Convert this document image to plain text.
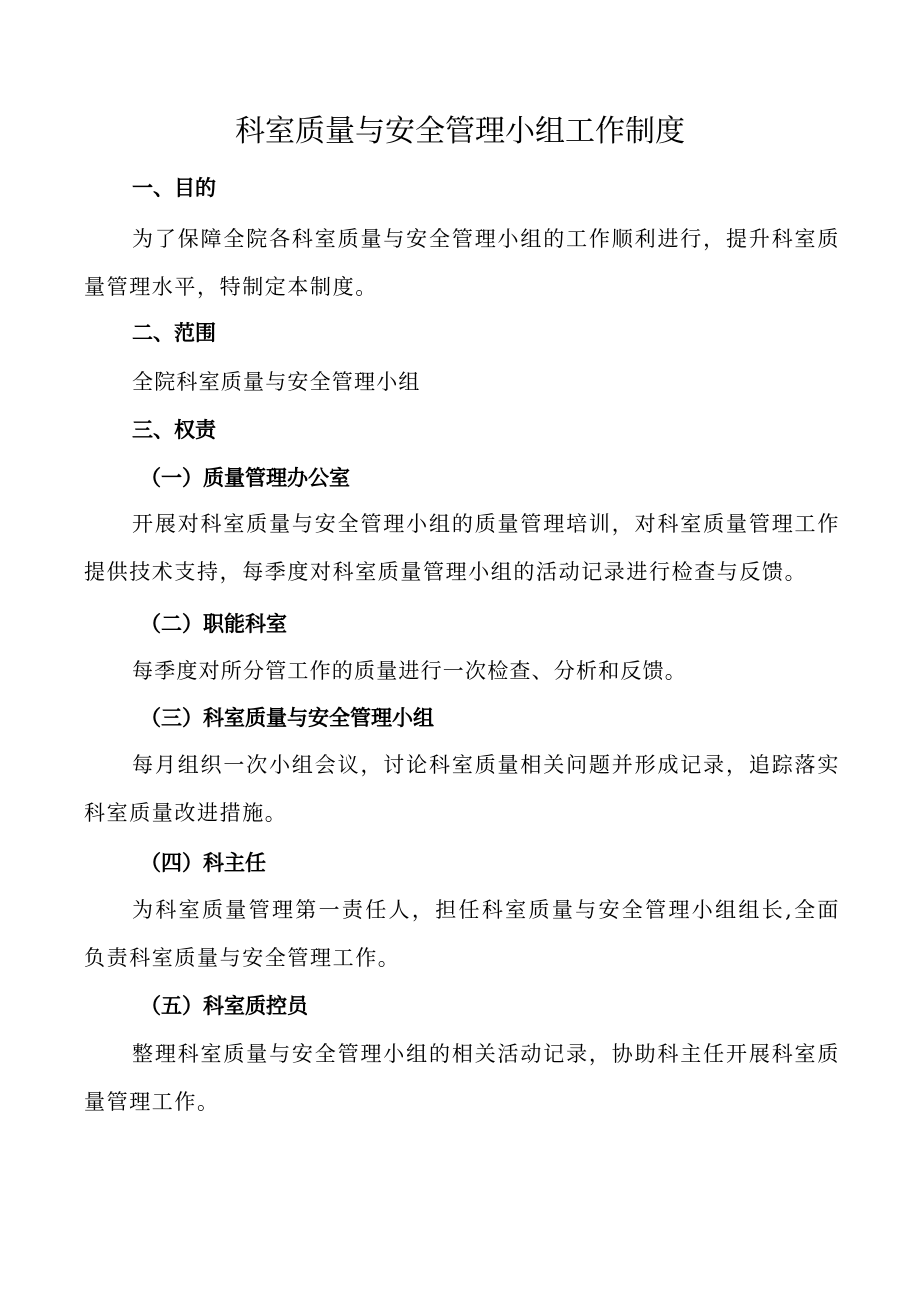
科室质量与安全管理小组工作制度
一、目的

为了保障全院各科室质量与安全管理小组的工作顺利进行，提升科室质量管理水平，特制定本制度。

二、范围
全院科室质量与安全管理小组
三、权责
（一）质量管理办公室

开展对科室质量与安全管理小组的质量管理培训，对科室质量管理工作提供技术支持，每季度对科室质量管理小组的活动记录进行检查与反馈。

（二）职能科室
每季度对所分管工作的质量进行一次检查、分析和反馈。
（三）科室质量与安全管理小组

每月组织一次小组会议，讨论科室质量相关问题并形成记录，追踪落实科室质量改进措施。

（四）科主任

为科室质量管理第一责任人，担任科室质量与安全管理小组组长,全面负责科室质量与安全管理工作。

（五）科室质控员

整理科室质量与安全管理小组的相关活动记录，协助科主任开展科室质量管理工作。
